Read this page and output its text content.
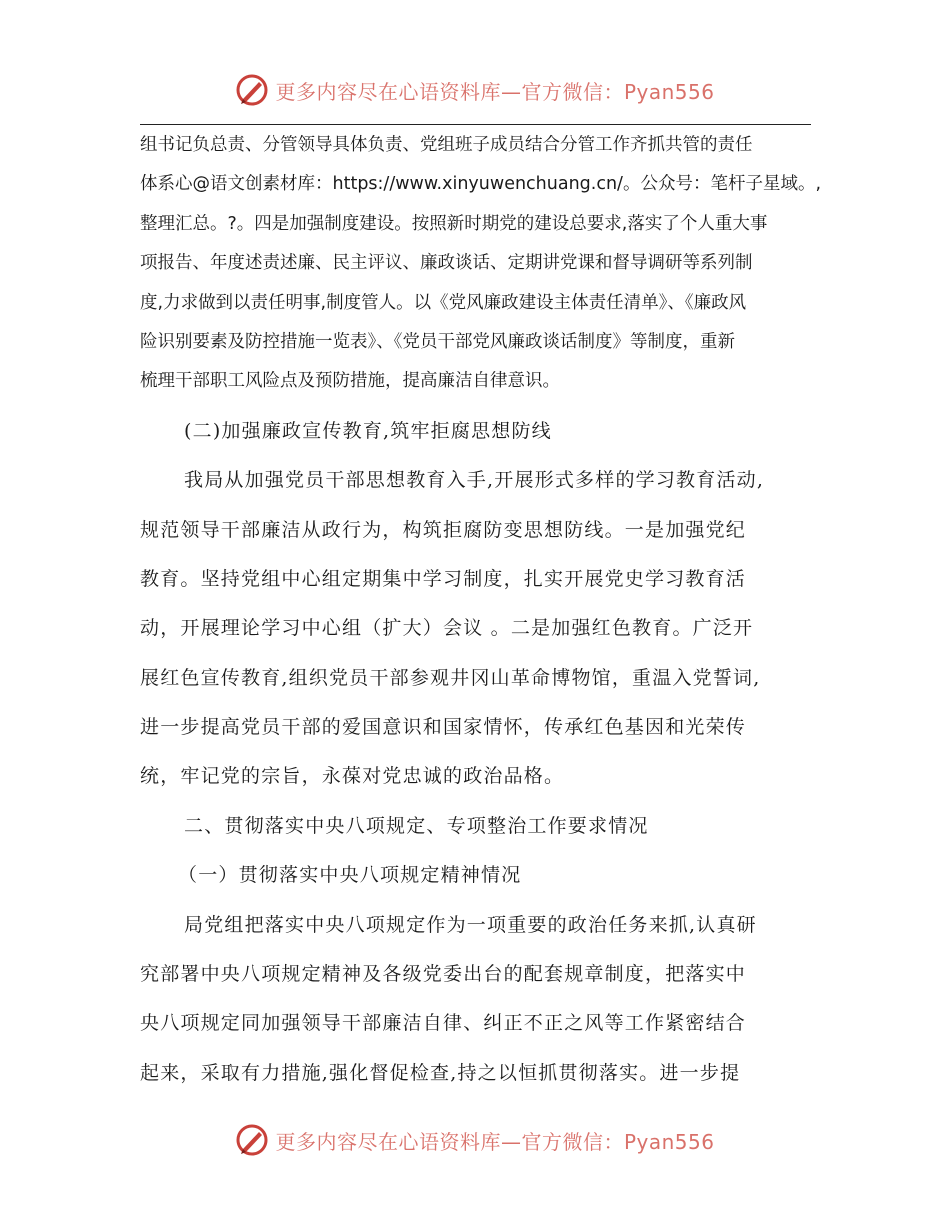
更多内容尽在心语资料库—官方微信：Pyan556
组书记负总责、分管领导具体负责、党组班子成员结合分管工作齐抓共管的责任
体系心@语文创素材库：https://www.xinyuwenchuang.cn/。公众号：笔杆子星域。,
整理汇总。?。四是加强制度建设。按照新时期党的建设总要求,落实了个人重大事
项报告、年度述责述廉、民主评议、廉政谈话、定期讲党课和督导调研等系列制
度,力求做到以责任明事,制度管人。以《党风廉政建设主体责任清单》、《廉政风
险识别要素及防控措施一览表》、《党员干部党风廉政谈话制度》等制度，重新
梳理干部职工风险点及预防措施，提高廉洁自律意识。
(二)加强廉政宣传教育,筑牢拒腐思想防线
我局从加强党员干部思想教育入手,开展形式多样的学习教育活动,
规范领导干部廉洁从政行为，构筑拒腐防变思想防线。一是加强党纪
教育。坚持党组中心组定期集中学习制度，扎实开展党史学习教育活
动，开展理论学习中心组（扩大）会议 。二是加强红色教育。广泛开
展红色宣传教育,组织党员干部参观井冈山革命博物馆，重温入党誓词,
进一步提高党员干部的爱国意识和国家情怀，传承红色基因和光荣传
统，牢记党的宗旨，永葆对党忠诚的政治品格。
二、贯彻落实中央八项规定、专项整治工作要求情况
（一）贯彻落实中央八项规定精神情况
局党组把落实中央八项规定作为一项重要的政治任务来抓,认真研
究部署中央八项规定精神及各级党委出台的配套规章制度，把落实中
央八项规定同加强领导干部廉洁自律、纠正不正之风等工作紧密结合
起来，采取有力措施,强化督促检查,持之以恒抓贯彻落实。进一步提
更多内容尽在心语资料库—官方微信：Pyan556
